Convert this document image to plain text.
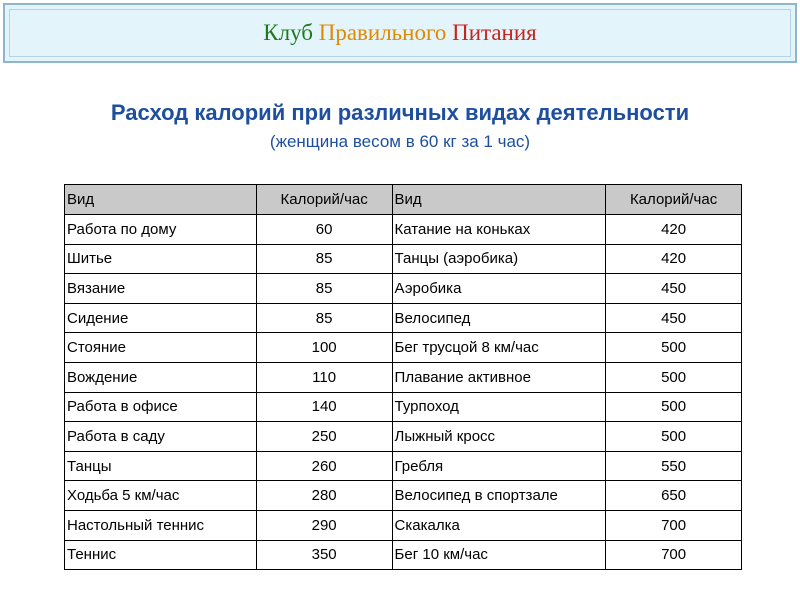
Клуб Правильного Питания
Расход калорий при различных видах деятельности
(женщина весом в 60 кг за 1 час)
Вид	Калорий/час	Вид	Калорий/час
Работа по дому	60	Катание на коньках	420
Шитье	85	Танцы (аэробика)	420
Вязание	85	Аэробика	450
Сидение	85	Велосипед	450
Стояние	100	Бег трусцой 8 км/час	500
Вождение	110	Плавание активное	500
Работа в офисе	140	Турпоход	500
Работа в саду	250	Лыжный кросс	500
Танцы	260	Гребля	550
Ходьба 5 км/час	280	Велосипед в спортзале	650
Настольный теннис	290	Скакалка	700
Теннис	350	Бег 10 км/час	700
